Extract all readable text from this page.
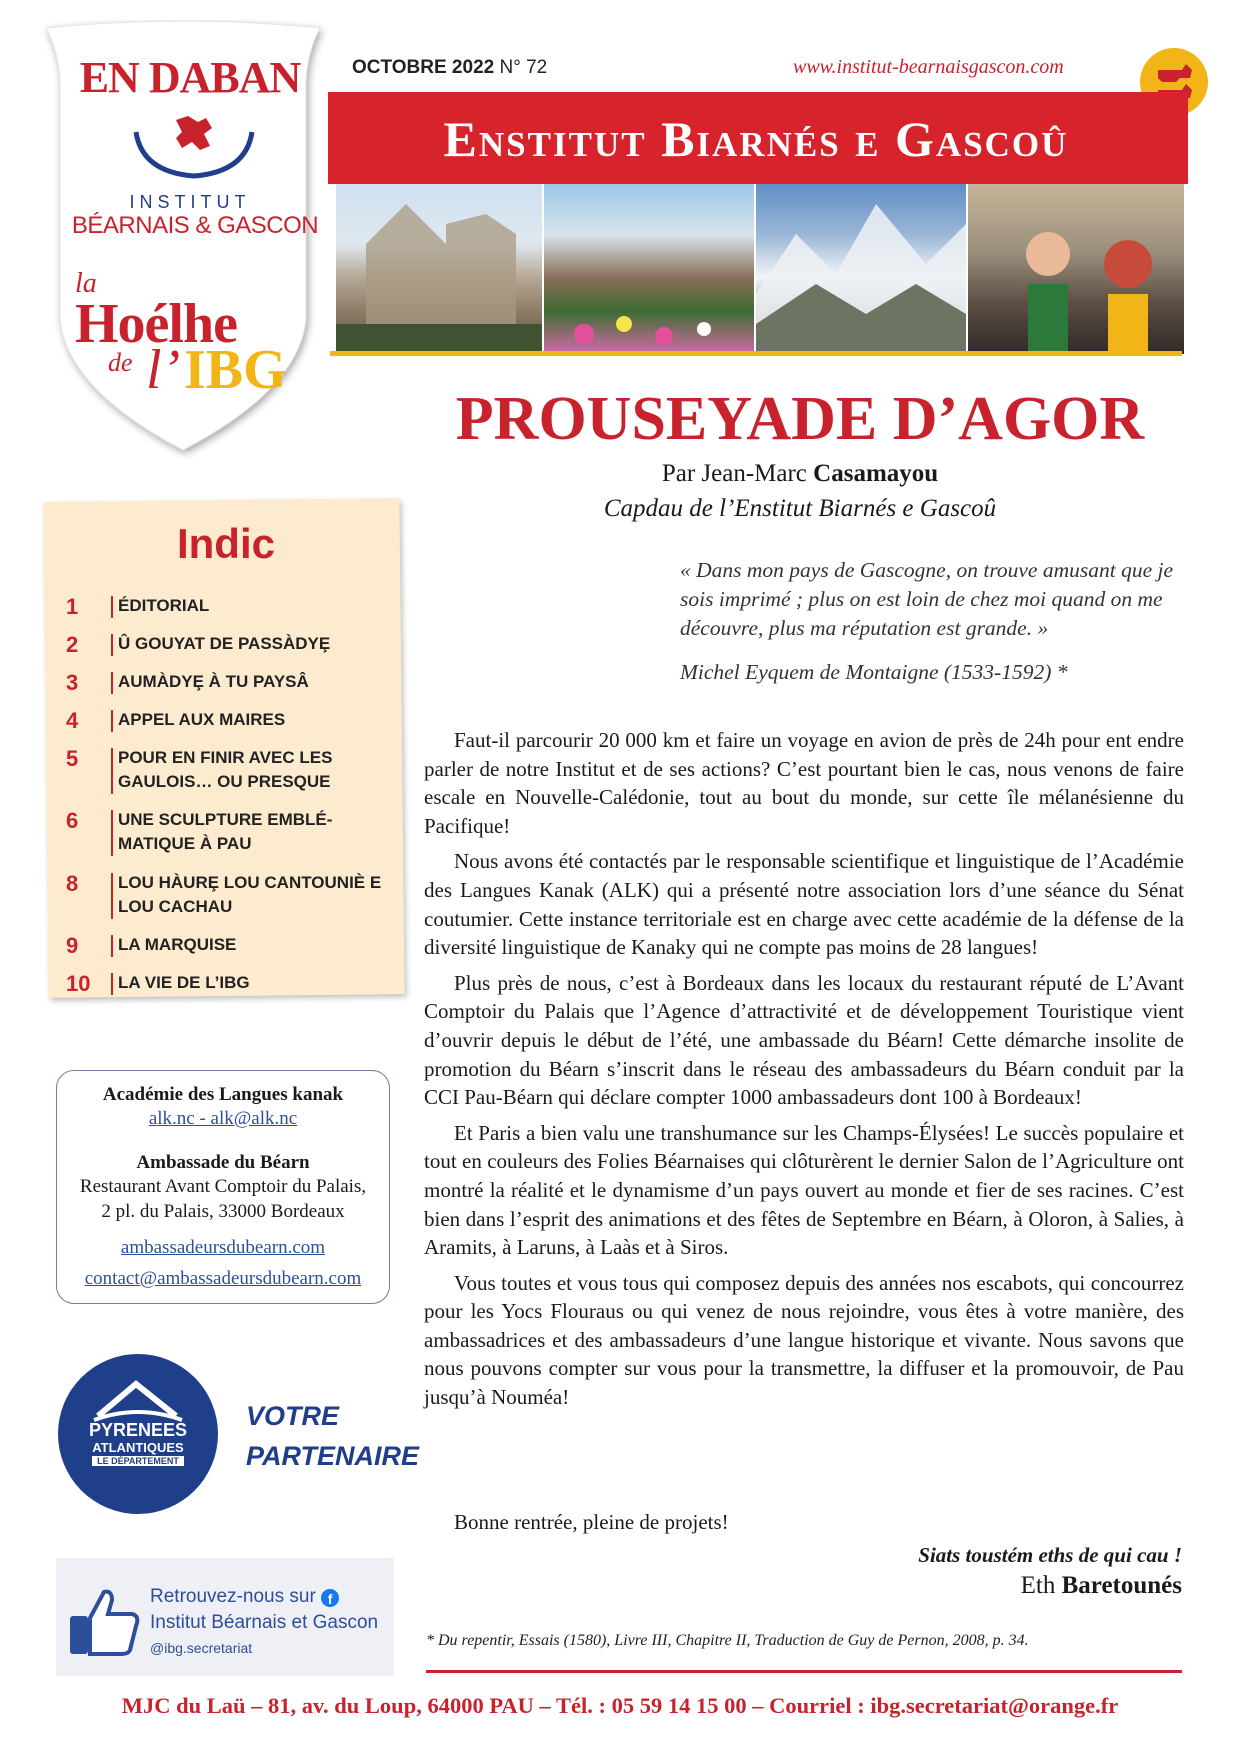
EN DABAN
INSTITUT
BÉARNAIS & GASCON
la
Hoélhe
de l’ IBG
OCTOBRE 2022 N° 72	www.institut-bearnaisgascon.com
Enstitut Biarnés e Gascoû
PROUSEYADE D’AGOR
Par Jean-Marc Casamayou
Capdau de l’Enstitut Biarnés e Gascoû
« Dans mon pays de Gascogne, on trouve amusant que je sois imprimé ; plus on est loin de chez moi quand on me découvre, plus ma réputation est grande. »
Michel Eyquem de Montaigne (1533-1592) *

Faut-il parcourir 20 000 km et faire un voyage en avion de près de 24h pour ent endre parler de notre Institut et de ses actions? C’est pourtant bien le cas, nous venons de faire escale en Nouvelle-Calédonie, tout au bout du monde, sur cette île mélanésienne du Pacifique!

Nous avons été contactés par le responsable scientifique et linguistique de l’Académie des Langues Kanak (ALK) qui a présenté notre association lors d’une séance du Sénat coutumier. Cette instance territoriale est en charge avec cette académie de la défense de la diversité linguistique de Kanaky qui ne compte pas moins de 28 langues!

Plus près de nous, c’est à Bordeaux dans les locaux du restaurant réputé de L’Avant Comptoir du Palais que l’Agence d’attractivité et de développement Touristique vient d’ouvrir depuis le début de l’été, une ambassade du Béarn! Cette démarche insolite de promotion du Béarn s’inscrit dans le réseau des ambassadeurs du Béarn conduit par la CCI Pau-Béarn qui déclare compter 1000 ambassadeurs dont 100 à Bordeaux!

Et Paris a bien valu une transhumance sur les Champs-Élysées! Le succès populaire et tout en couleurs des Folies Béarnaises qui clôturèrent le dernier Salon de l’Agriculture ont montré la réalité et le dynamisme d’un pays ouvert au monde et fier de ses racines. C’est bien dans l’esprit des animations et des fêtes de Septembre en Béarn, à Oloron, à Salies, à Aramits, à Laruns, à Laàs et à Siros.

Vous toutes et vous tous qui composez depuis des années nos escabots, qui concourrez pour les Yocs Flouraus ou qui venez de nous rejoindre, vous êtes à votre manière, des ambassadrices et des ambassadeurs d’une langue historique et vivante. Nous savons que nous pouvons compter sur vous pour la transmettre, la diffuser et la promouvoir, de Pau jusqu’à Nouméa!

Bonne rentrée, pleine de projets!
Siats toustém eths de qui cau !
Eth Baretounés
* Du repentir, Essais (1580), Livre III, Chapitre II, Traduction de Guy de Pernon, 2008, p. 34.
MJC du Laü – 81, av. du Loup, 64000 PAU – Tél. : 05 59 14 15 00 – Courriel : ibg.secretariat@orange.fr
Indic
1	ÉDITORIAL
2	Û GOUYAT DE PASSÀDYȨ
3	AUMÀDYȨ À TU PAYSÂ
4	APPEL AUX MAIRES
5	POUR EN FINIR AVEC LES GAULOIS… OU PRESQUE
6	UNE SCULPTURE EMBLÉ-MATIQUE À PAU
8	LOU HÀURȨ LOU CANTOUNIÈ E LOU CACHAU
9	LA MARQUISE
10	LA VIE DE L’IBG
Académie des Langues kanak
alk.nc - alk@alk.nc
Ambassade du Béarn
Restaurant Avant Comptoir du Palais,
2 pl. du Palais, 33000 Bordeaux
ambassadeursdubearn.com
contact@ambassadeursdubearn.com
PYRENEES
ATLANTIQUES
LE DÉPARTEMENT
VOTRE
PARTENAIRE
Retrouvez-nous sur f
Institut Béarnais et Gascon
@ibg.secretariat
